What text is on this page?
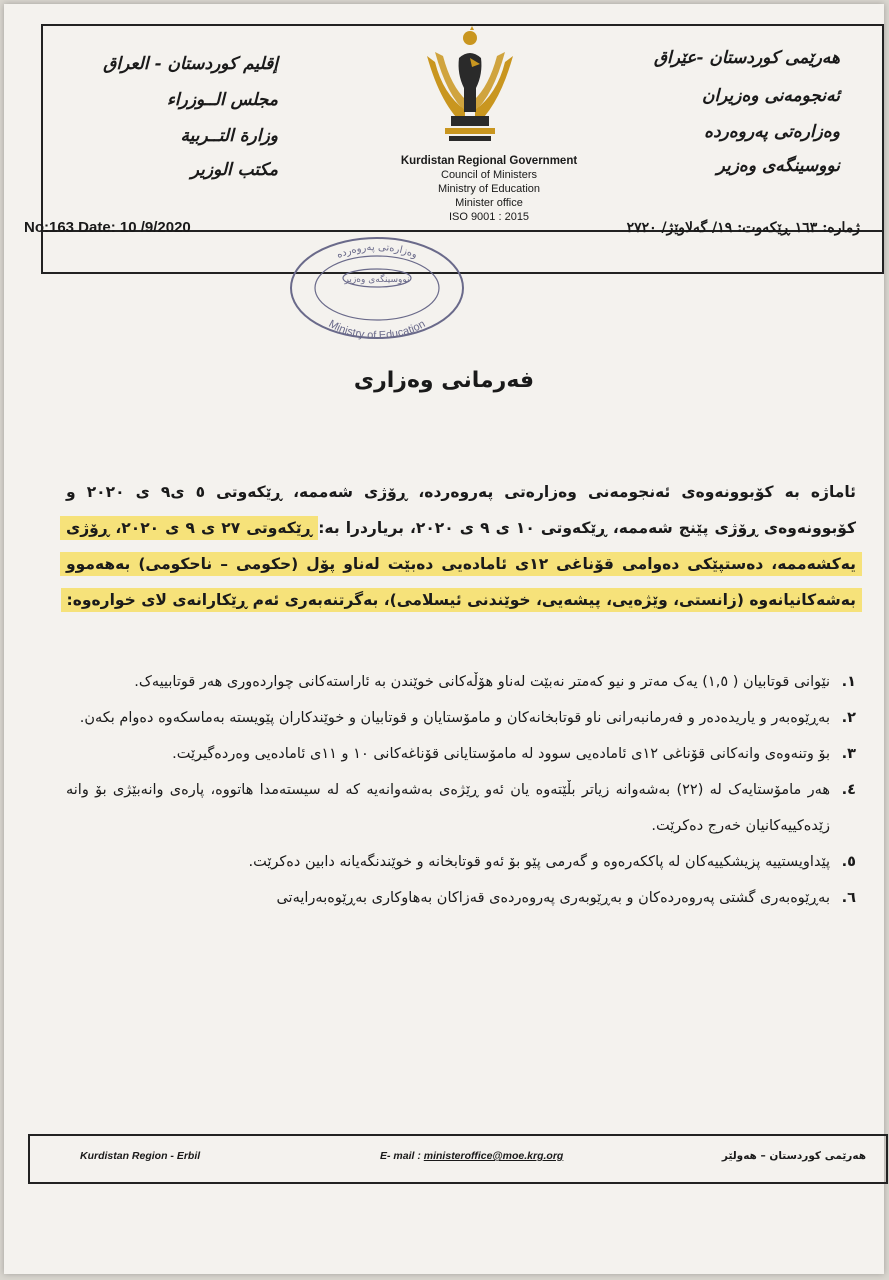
إقليم كوردستان - العراق
مجلس الــوزراء
وزارة التــربية
مكتب الوزير
هەرێمی کوردستان -عێراق
ئەنجومەنی وەزیران
وەزارەتی پەروەردە
نووسینگەی وەزیر
Kurdistan Regional Government
Council of Ministers
Ministry of Education
Minister office
ISO 9001 : 2015
No:163 Date: 10 /9/2020	ژمارە: ١٦٣ ڕێکەوت: ١٩/ گەلاوێژ/ ٢٧٢٠
وەزارەتی پەروەردە
نووسینگەی وەزیر
Ministry of Education
فەرمانی وەزاری
ئاماژە بە کۆبوونەوەی ئەنجومەنی وەزارەتی پەروەردە، ڕۆژی شەممە، ڕێکەوتی ٥ ی٩ ی ٢٠٢٠ و کۆبوونەوەی ڕۆژی پێنج شەممە، ڕێکەوتی ١٠ ی ٩ ی ٢٠٢٠، بریاردرا بە: ڕێکەوتی ٢٧ ی ٩ ی ٢٠٢٠، ڕۆژی یەکشەممە، دەستپێکی دەوامی قۆناغی ١٢ی ئامادەیی دەبێت لەناو پۆل (حکومی – ناحکومی) بەهەموو بەشەکانیانەوە (زانستی، وێژەیی، پیشەیی، خوێندنی ئیسلامی)، بەگرتنەبەری ئەم ڕێکارانەی لای خوارەوە:
١.
نێوانی قوتابیان ( ١,٥) یەک مەتر و نیو کەمتر نەبێت لەناو هۆڵەکانی خوێندن بە ئاراستەکانی چواردەوری هەر قوتابییەک.
٢.
بەڕێوەبەر و یاریدەدەر و فەرمانبەرانی ناو قوتابخانەکان و مامۆستایان و قوتابیان و خوێندکاران پێویستە بەماسکەوە دەوام بکەن.
٣.
بۆ وتنەوەی وانەکانی قۆناغی ١٢ی ئامادەیی سوود لە مامۆستایانی قۆناغەکانی ١٠ و ١١ی ئامادەیی وەردەگیرێت.
٤.
هەر مامۆستایەک لە (٢٢) بەشەوانە زیاتر بڵێتەوە یان ئەو ڕێژەی بەشەوانەیە کە لە سیستەمدا هاتووە، پارەی وانەبێژی بۆ وانە زێدەکییەکانیان خەرج دەکرێت.
٥.
پێداویستییە پزیشکییەکان لە پاککەرەوە و گەرمی پێو بۆ ئەو قوتابخانە و خوێندنگەیانە دابین دەکرێت.
٦.
بەڕێوەبەری گشتی پەروەردەکان و بەڕێوبەری پەروەردەی قەزاکان بەهاوکاری بەڕێوەبەرایەتی
Kurdistan Region - Erbil	E- mail : ministeroffice@moe.krg.org	هەرێمی کوردستان – هەولێر
